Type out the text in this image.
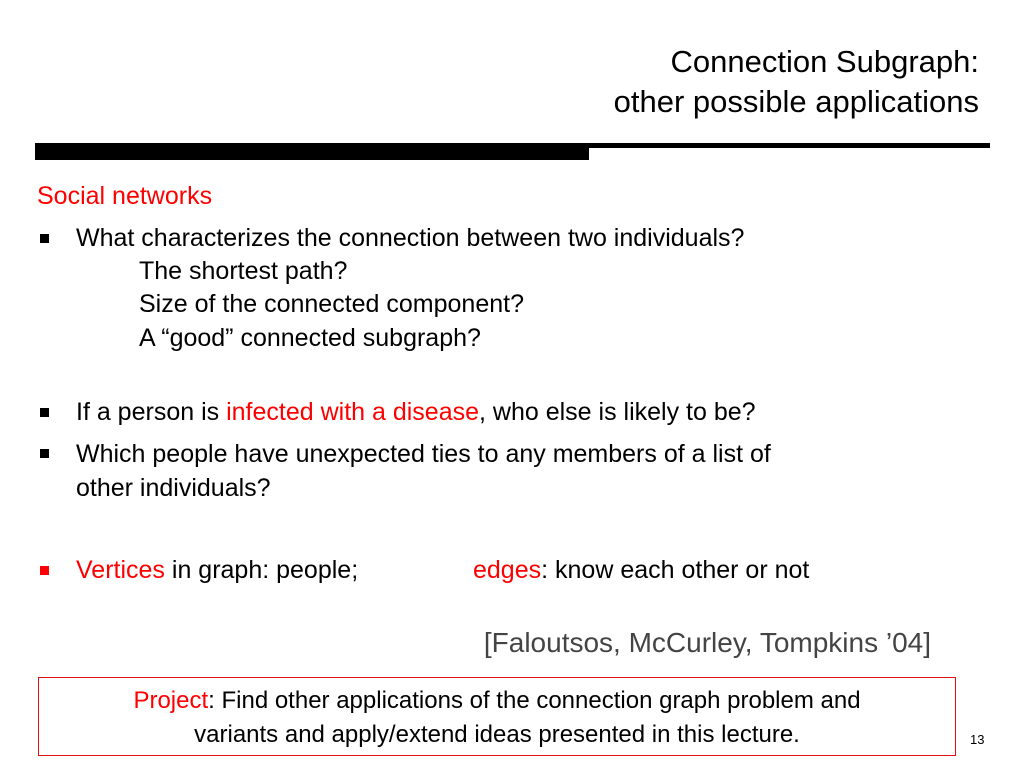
Connection Subgraph:
other possible applications
Social networks
What characterizes the connection between two individuals?
The shortest path?
Size of the connected component?
A “good” connected subgraph?
If a person is infected with a disease, who else is likely to be?
Which people have unexpected ties to any members of a list of
other individuals?
Vertices in graph: people;	edges: know each other or not
[Faloutsos, McCurley, Tompkins ’04]
Project: Find other applications of the connection graph problem and
variants and apply/extend ideas presented in this lecture.	13
